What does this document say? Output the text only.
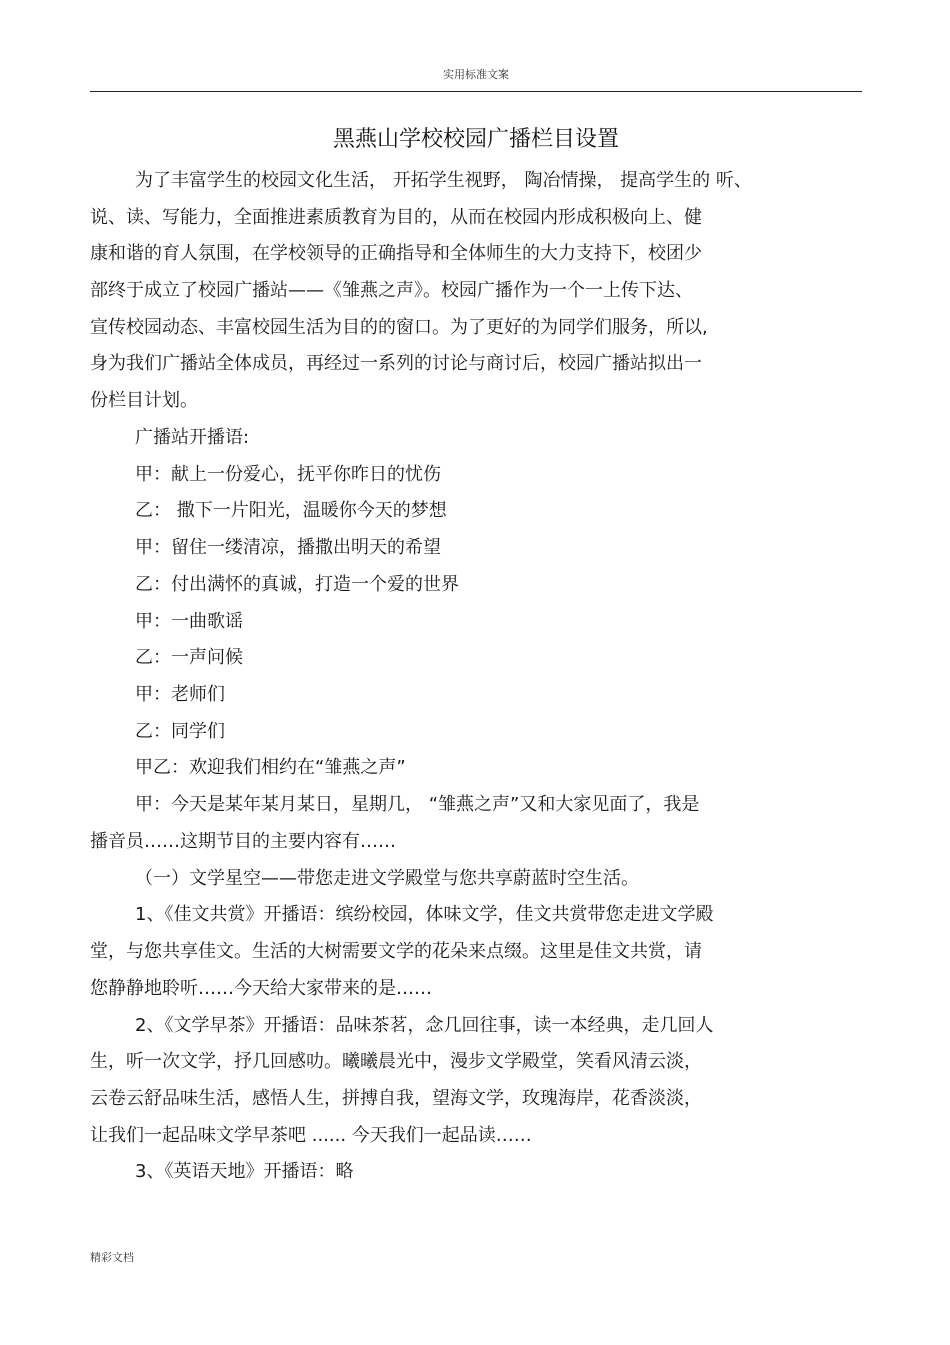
实用标准文案
黑燕山学校校园广播栏目设置
为了丰富学生的校园文化生活， 开拓学生视野， 陶冶情操， 提高学生的 听、
说、读、写能力，全面推进素质教育为目的，从而在校园内形成积极向上、健
康和谐的育人氛围，在学校领导的正确指导和全体师生的大力支持下，校团少
部终于成立了校园广播站——《雏燕之声》。校园广播作为一个一上传下达、
宣传校园动态、丰富校园生活为目的的窗口。为了更好的为同学们服务，所以,
身为我们广播站全体成员，再经过一系列的讨论与商讨后，校园广播站拟出一
份栏目计划。
广播站开播语:
甲：献上一份爱心，抚平你昨日的忧伤
乙： 撒下一片阳光，温暖你今天的梦想
甲：留住一缕清凉，播撒出明天的希望
乙：付出满怀的真诚，打造一个爱的世界
甲：一曲歌谣
乙：一声问候
甲：老师们
乙：同学们
甲乙：欢迎我们相约在“雏燕之声”
甲：今天是某年某月某日，星期几， “雏燕之声”又和大家见面了，我是
播音员……这期节目的主要内容有……
（一）文学星空——带您走进文学殿堂与您共享蔚蓝时空生活。
1、《佳文共赏》开播语：缤纷校园，体味文学，佳文共赏带您走进文学殿
堂，与您共享佳文。生活的大树需要文学的花朵来点缀。这里是佳文共赏，请
您静静地聆听……今天给大家带来的是……
2、《文学早茶》开播语：品味茶茗，念几回往事，读一本经典，走几回人
生，听一次文学，抒几回感叻。曦曦晨光中，漫步文学殿堂，笑看风清云淡，
云卷云舒品味生活，感悟人生，拼搏自我，望海文学，玫瑰海岸，花香淡淡，
让我们一起品味文学早茶吧 ...... 今天我们一起品读……
3、《英语天地》开播语：略
精彩文档
